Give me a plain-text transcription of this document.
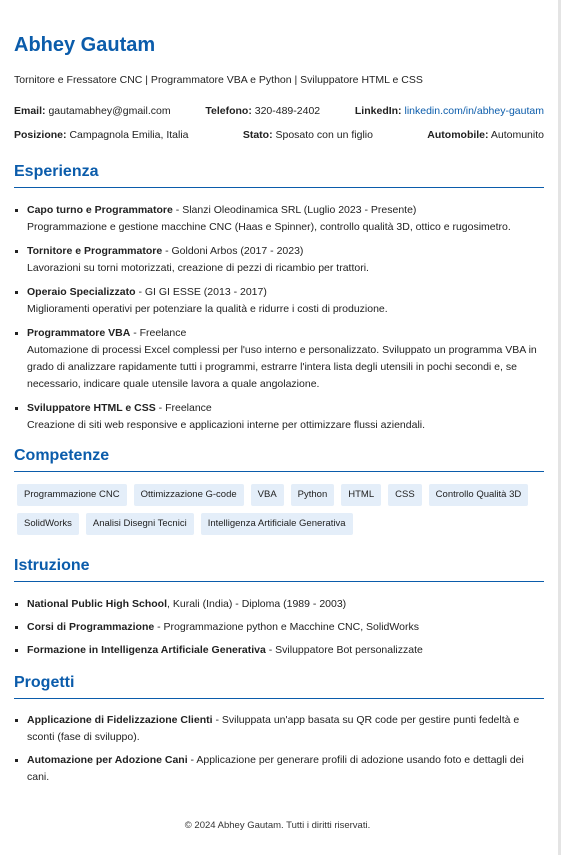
Abhey Gautam
Tornitore e Fressatore CNC | Programmatore VBA e Python | Sviluppatore HTML e CSS
Email: gautamabhey@gmail.com	Telefono: 320-489-2402	LinkedIn: linkedin.com/in/abhey-gautam
Posizione: Campagnola Emilia, Italia	Stato: Sposato con un figlio	Automobile: Automunito
Esperienza
Capo turno e Programmatore - Slanzi Oleodinamica SRL (Luglio 2023 - Presente)
Programmazione e gestione macchine CNC (Haas e Spinner), controllo qualità 3D, ottico e rugosimetro.
Tornitore e Programmatore - Goldoni Arbos (2017 - 2023)
Lavorazioni su torni motorizzati, creazione di pezzi di ricambio per trattori.
Operaio Specializzato - GI GI ESSE (2013 - 2017)
Miglioramenti operativi per potenziare la qualità e ridurre i costi di produzione.
Programmatore VBA - Freelance
Automazione di processi Excel complessi per l'uso interno e personalizzato. Sviluppato un programma VBA in grado di analizzare rapidamente tutti i programmi, estrarre l'intera lista degli utensili in pochi secondi e, se necessario, indicare quale utensile lavora a quale angolazione.
Sviluppatore HTML e CSS - Freelance
Creazione di siti web responsive e applicazioni interne per ottimizzare flussi aziendali.
Competenze
Programmazione CNC	Ottimizzazione G-code	VBA	Python	HTML	CSS	Controllo Qualità 3D
SolidWorks	Analisi Disegni Tecnici	Intelligenza Artificiale Generativa
Istruzione
National Public High School, Kurali (India) - Diploma (1989 - 2003)
Corsi di Programmazione - Programmazione python e Macchine CNC, SolidWorks
Formazione in Intelligenza Artificiale Generativa - Sviluppatore Bot personalizzate
Progetti
Applicazione di Fidelizzazione Clienti - Sviluppata un'app basata su QR code per gestire punti fedeltà e sconti (fase di sviluppo).
Automazione per Adozione Cani - Applicazione per generare profili di adozione usando foto e dettagli dei cani.
© 2024 Abhey Gautam. Tutti i diritti riservati.
